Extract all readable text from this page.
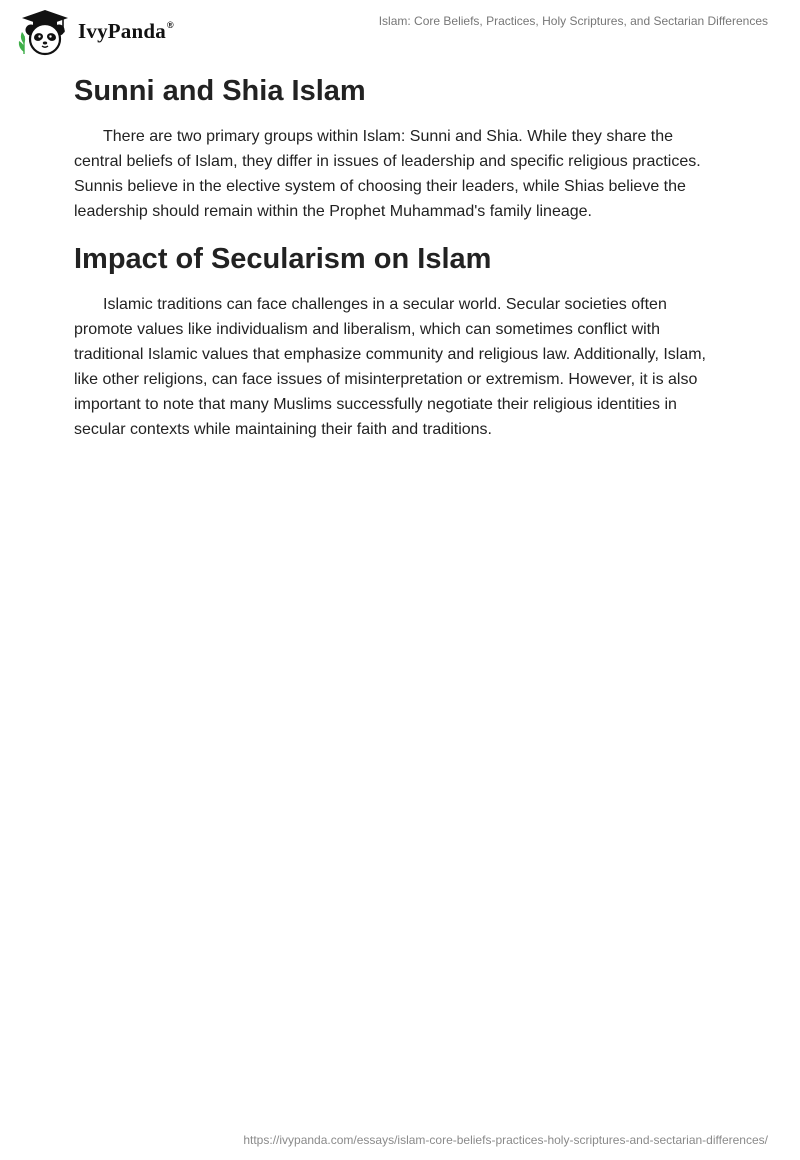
IvyPanda®	Islam: Core Beliefs, Practices, Holy Scriptures, and Sectarian Differences
Sunni and Shia Islam

There are two primary groups within Islam: Sunni and Shia. While they share the central beliefs of Islam, they differ in issues of leadership and specific religious practices. Sunnis believe in the elective system of choosing their leaders, while Shias believe the leadership should remain within the Prophet Muhammad's family lineage.

Impact of Secularism on Islam

Islamic traditions can face challenges in a secular world. Secular societies often promote values like individualism and liberalism, which can sometimes conflict with traditional Islamic values that emphasize community and religious law. Additionally, Islam, like other religions, can face issues of misinterpretation or extremism. However, it is also important to note that many Muslims successfully negotiate their religious identities in secular contexts while maintaining their faith and traditions.

https://ivypanda.com/essays/islam-core-beliefs-practices-holy-scriptures-and-sectarian-differences/
